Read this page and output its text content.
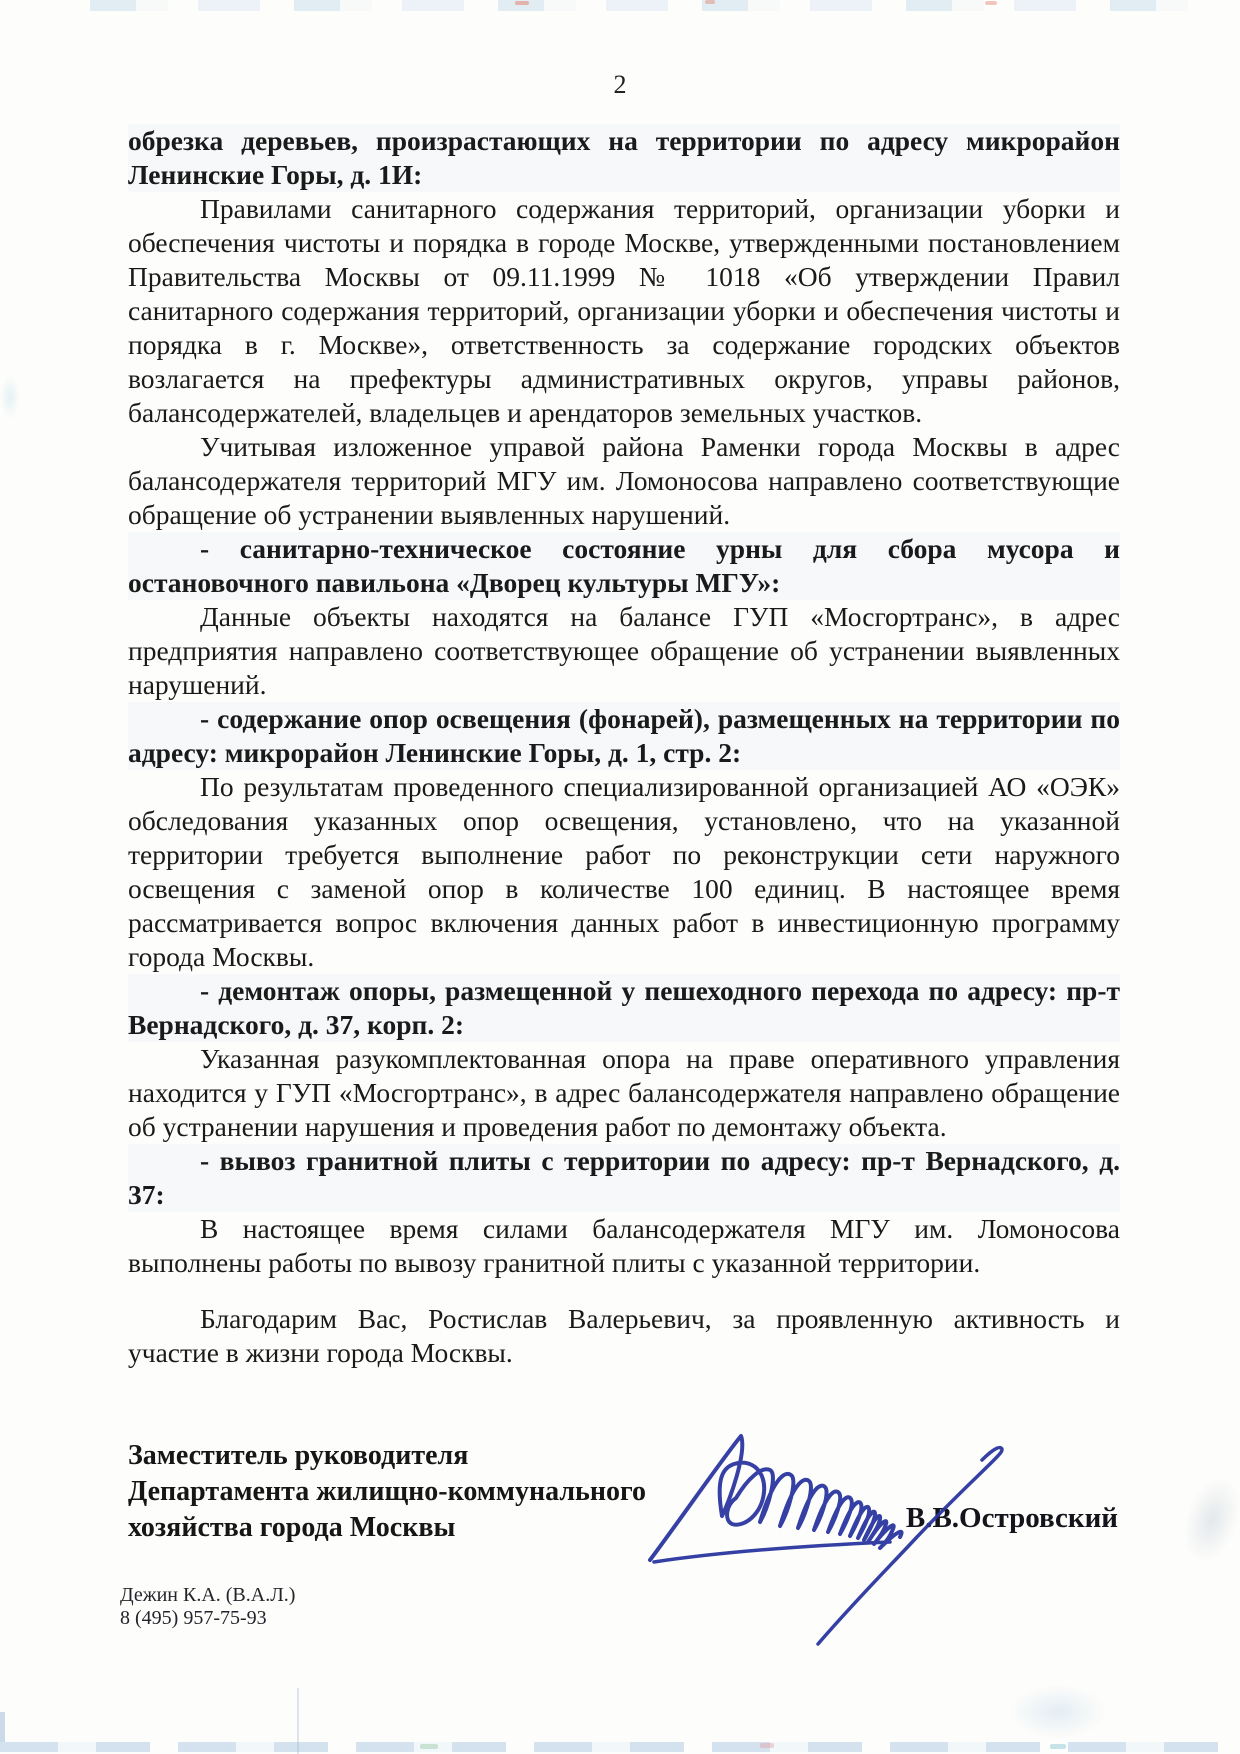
2

обрезка деревьев, произрастающих на территории по адресу микрорайон Ленинские Горы, д. 1И:

Правилами санитарного содержания территорий, организации уборки и обеспечения чистоты и порядка в городе Москве, утвержденными постановлением Правительства Москвы от 09.11.1999 № 1018 «Об утверждении Правил санитарного содержания территорий, организации уборки и обеспечения чистоты и порядка в г. Москве», ответственность за содержание городских объектов возлагается на префектуры административных округов, управы районов, балансодержателей, владельцев и арендаторов земельных участков.

Учитывая изложенное управой района Раменки города Москвы в адрес балансодержателя территорий МГУ им. Ломоносова направлено соответствующие обращение об устранении выявленных нарушений.

- санитарно-техническое состояние урны для сбора мусора и остановочного павильона «Дворец культуры МГУ»:

Данные объекты находятся на балансе ГУП «Мосгортранс», в адрес предприятия направлено соответствующее обращение об устранении выявленных нарушений.

- содержание опор освещения (фонарей), размещенных на территории по адресу: микрорайон Ленинские Горы, д. 1, стр. 2:

По результатам проведенного специализированной организацией АО «ОЭК» обследования указанных опор освещения, установлено, что на указанной территории требуется выполнение работ по реконструкции сети наружного освещения с заменой опор в количестве 100 единиц. В настоящее время рассматривается вопрос включения данных работ в инвестиционную программу города Москвы.

- демонтаж опоры, размещенной у пешеходного перехода по адресу: пр-т Вернадского, д. 37, корп. 2:

Указанная разукомплектованная опора на праве оперативного управления находится у ГУП «Мосгортранс», в адрес балансодержателя направлено обращение об устранении нарушения и проведения работ по демонтажу объекта.

- вывоз гранитной плиты с территории по адресу: пр-т Вернадского, д. 37:

В настоящее время силами балансодержателя МГУ им. Ломоносова выполнены работы по вывозу гранитной плиты с указанной территории.

Благодарим Вас, Ростислав Валерьевич, за проявленную активность и участие в жизни города Москвы.

Заместитель руководителя
Департамента жилищно-коммунального
хозяйства города Москвы	В.В.Островский
Дежин К.А. (В.А.Л.)
8 (495) 957-75-93
